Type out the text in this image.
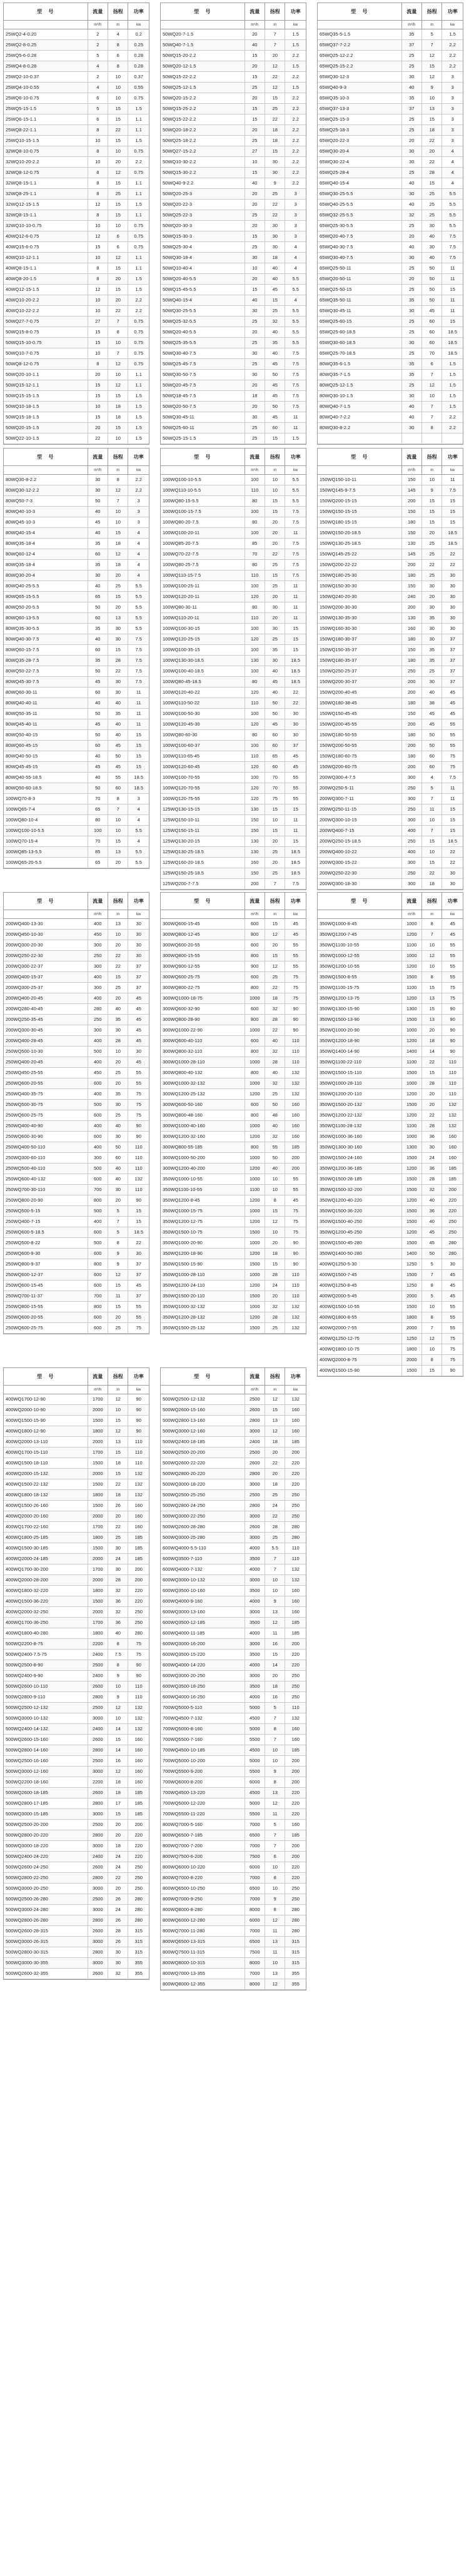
型 号	流量	扬程	功率
m³/h	m	kw
25WQ2-4-0.20	2	4	0.2
25WQ2-8-0.25	2	8	0.25
25WQ5-6-0.28	5	6	0.28
25WQ4-8-0.28	4	8	0.28
25WQ2-10-0.37	2	10	0.37
25WQ4-10-0.55	4	10	0.55
25WQ6-10-0.75	6	10	0.75
25WQ5-15-1.5	5	15	1.5
25WQ6-15-1.1	6	15	1.1
25WQ8-22-1.1	8	22	1.1
25WQ10-15-1.5	10	15	1.5
32WQ8-10-0.75	8	10	0.75
32WQ10-20-2.2	10	20	2.2
32WQ8-12-0.75	8	12	0.75
32WQ8-15-1.1	8	15	1.1
32WQ8-25-1.1	8	25	1.1
32WQ12-15-1.5	12	15	1.5
32WQ8-15-1.1	8	15	1.1
32WQ10-10-0.75	10	10	0.75
40WQ12-6-0.75	12	6	0.75
40WQ15-6-0.75	15	6	0.75
40WQ10-12-1.1	10	12	1.1
40WQ8-15-1.1	8	15	1.1
40WQ8-20-1.5	8	20	1.5
40WQ12-15-1.5	12	15	1.5
40WQ10-20-2.2	10	20	2.2
40WQ10-22-2.2	10	22	2.2
50WQ27-7-0.75	27	7	0.75
50WQ15-8-0.75	15	8	0.75
50WQ15-10-0.75	15	10	0.75
50WQ10-7-0.75	10	7	0.75
50WQ8-12-0.75	8	12	0.75
50WQ20-10-1.1	20	10	1.1
50WQ15-12-1.1	15	12	1.1
50WQ15-15-1.5	15	15	1.5
50WQ10-18-1.5	10	18	1.5
50WQ15-18-1.5	15	18	1.5
50WQ20-15-1.5	20	15	1.5
50WQ22-10-1.5	22	10	1.5
型 号	流量	扬程	功率
m³/h	m	kw
50WQ20-7-1.5	20	7	1.5
50WQ40-7-1.5	40	7	1.5
50WQ15-20-2.2	15	20	2.2
50WQ20-12-1.5	20	12	1.5
50WQ15-22-2.2	15	22	2.2
50WQ25-12-1.5	25	12	1.5
50WQ20-15-2.2	20	15	2.2
50WQ15-25-2.2	15	25	2.2
50WQ15-22-2.2	15	22	2.2
50WQ20-18-2.2	20	18	2.2
50WQ25-18-2.2	25	18	2.2
50WQ27-15-2.2	27	15	2.2
50WQ10-30-2.2	10	30	2.2
50WQ15-30-2.2	15	30	2.2
50WQ40-9-2.2	40	9	2.2
50WQ20-25-3	20	25	3
50WQ20-22-3	20	22	3
50WQ25-22-3	25	22	3
50WQ20-30-3	20	30	3
50WQ15-30-3	15	30	3
50WQ25-30-4	25	30	4
50WQ30-18-4	30	18	4
50WQ10-40-4	10	40	4
50WQ20-40-5.5	20	40	5.5
50WQ15-45-5.5	15	45	5.5
50WQ40-15-4	40	15	4
50WQ30-25-5.5	30	25	5.5
50WQ25-32-5.5	25	32	5.5
50WQ20-40-5.5	20	40	5.5
50WQ25-35-5.5	25	35	5.5
50WQ30-40-7.5	30	40	7.5
50WQ25-45-7.5	25	45	7.5
50WQ30-50-7.5	30	50	7.5
50WQ20-45-7.5	20	45	7.5
50WQ18-45-7.5	18	45	7.5
50WQ20-50-7.5	20	50	7.5
50WQ30-45-11	30	45	11
50WQ25-60-11	25	60	11
50WQ25-15-1.5	25	15	1.5
型 号	流量	扬程	功率
m³/h	m	kw
65WQ35-5-1.5	35	5	1.5
65WQ37-7-2.2	37	7	2.2
65WQ25-12-2.2	25	12	2.2
65WQ25-15-2.2	25	15	2.2
65WQ30-12-3	30	12	3
65WQ40-9-3	40	9	3
65WQ35-10-3	35	10	3
65WQ37-13-3	37	13	3
65WQ25-15-3	25	15	3
65WQ25-18-3	25	18	3
65WQ20-22-3	20	22	3
65WQ30-20-4	30	20	4
65WQ30-22-4	30	22	4
65WQ25-28-4	25	28	4
65WQ40-15-4	40	15	4
65WQ30-25-5.5	30	25	5.5
65WQ40-25-5.5	40	25	5.5
65WQ32-25-5.5	32	25	5.5
65WQ25-30-5.5	25	30	5.5
65WQ20-40-7.5	20	40	7.5
65WQ40-30-7.5	40	30	7.5
65WQ30-40-7.5	30	40	7.5
65WQ25-50-11	25	50	11
65WQ20-50-11	20	50	11
65WQ25-50-15	25	50	15
65WQ35-50-11	35	50	11
65WQ30-45-11	30	45	11
65WQ25-60-15	25	60	15
65WQ25-60-18.5	25	60	18.5
65WQ30-60-18.5	30	60	18.5
65WQ25-70-18.5	25	70	18.5
80WQ35-6-1.5	35	6	1.5
80WQ35-7-1.5	35	7	1.5
80WQ25-12-1.5	25	12	1.5
80WQ30-10-1.5	30	10	1.5
80WQ40-7-1.5	40	7	1.5
80WQ40-7-2.2	40	7	2.2
80WQ30-8-2.2	30	8	2.2
型 号	流量	扬程	功率
m³/h	m	kw
80WQ30-8-2.2	30	8	2.2
80WQ30-12-2.2	30	12	2.2
80WQ50-7-3	50	7	3
80WQ40-10-3	40	10	3
80WQ45-10-3	45	10	3
80WQ40-15-4	40	15	4
80WQ35-18-4	35	18	4
80WQ60-12-4	60	12	4
80WQ35-18-4	35	18	4
80WQ30-20-4	30	20	4
80WQ40-25-5.5	40	25	5.5
80WQ65-15-5.5	65	15	5.5
80WQ50-20-5.5	50	20	5.5
80WQ60-13-5.5	60	13	5.5
80WQ35-30-5.5	35	30	5.5
80WQ40-30-7.5	40	30	7.5
80WQ60-15-7.5	60	15	7.5
80WQ35-28-7.5	35	28	7.5
80WQ50-22-7.5	50	22	7.5
80WQ45-30-7.5	45	30	7.5
80WQ60-30-11	60	30	11
80WQ40-40-11	40	40	11
80WQ50-35-11	50	35	11
80WQ45-40-11	45	40	11
80WQ50-40-15	50	40	15
80WQ60-45-15	60	45	15
80WQ40-50-15	40	50	15
80WQ45-45-15	45	45	15
80WQ40-55-18.5	40	55	18.5
80WQ50-60-18.5	50	60	18.5
100WQ70-8-3	70	8	3
100WQ65-7-4	65	7	4
100WQ80-10-4	80	10	4
100WQ100-10-5.5	100	10	5.5
100WQ70-15-4	70	15	4
100WQ85-13-5.5	85	13	5.5
100WQ65-20-5.5	65	20	5.5
型 号	流量	扬程	功率
m³/h	m	kw
100WQ100-10-5.5	100	10	5.5
100WQ110-10-5.5	110	10	5.5
100WQ80-15-5.5	80	15	5.5
100WQ100-15-7.5	100	15	7.5
100WQ80-20-7.5	80	20	7.5
100WQ100-20-11	100	20	11
100WQ85-20-7.5	85	20	7.5
100WQ70-22-7.5	70	22	7.5
100WQ80-25-7.5	80	25	7.5
100WQ110-15-7.5	110	15	7.5
100WQ100-25-11	100	25	11
100WQ120-20-11	120	20	11
100WQ80-30-11	80	30	11
100WQ110-20-11	110	20	11
100WQ100-30-15	100	30	15
100WQ120-25-15	120	25	15
100WQ100-35-15	100	35	15
100WQ130-30-18.5	130	30	18.5
100WQ100-40-18.5	100	40	18.5
100WQ80-45-18.5	80	45	18.5
100WQ120-40-22	120	40	22
100WQ110-50-22	110	50	22
100WQ100-50-30	100	50	30
100WQ120-45-30	120	45	30
100WQ80-60-30	80	60	30
100WQ100-60-37	100	60	37
100WQ110-65-45	110	65	45
100WQ120-60-45	120	60	45
100WQ100-70-55	100	70	55
100WQ120-70-55	120	70	55
100WQ120-75-55	120	75	55
125WQ130-15-15	130	15	15
125WQ150-10-11	150	10	11
125WQ150-15-11	150	15	11
125WQ130-20-15	130	20	15
125WQ130-25-18.5	130	25	18.5
125WQ160-20-18.5	160	20	18.5
125WQ150-25-18.5	150	25	18.5
125WQ200-7-7.5	200	7	7.5
型 号	流量	扬程	功率
m³/h	m	kw
150WQ150-10-11	150	10	11
150WQ145-9-7.5	145	9	7.5
150WQ200-15-15	200	15	15
150WQ150-15-15	150	15	15
150WQ180-15-15	180	15	15
150WQ150-20-18.5	150	20	18.5
150WQ130-25-18.5	130	25	18.5
150WQ145-25-22	145	25	22
150WQ200-22-22	200	22	22
150WQ180-25-30	180	25	30
150WQ150-30-30	150	30	30
150WQ240-20-30	240	20	30
150WQ200-30-30	200	30	30
150WQ130-35-30	130	35	30
150WQ160-30-30	160	30	30
150WQ180-30-37	180	30	37
150WQ150-35-37	150	35	37
150WQ180-35-37	180	35	37
150WQ250-25-37	250	25	37
150WQ200-30-37	200	30	37
150WQ200-40-45	200	40	45
150WQ180-38-45	180	38	45
150WQ150-45-45	150	45	45
150WQ200-45-55	200	45	55
150WQ180-50-55	180	50	55
150WQ200-50-55	200	50	55
150WQ180-60-75	180	60	75
150WQ200-60-75	200	60	75
200WQ300-4-7.5	300	4	7.5
200WQ250-5-11	250	5	11
200WQ300-7-11	300	7	11
200WQ250-11-15	250	11	15
200WQ300-10-15	300	10	15
200WQ400-7-15	400	7	15
200WQ250-15-18.5	250	15	18.5
200WQ400-10-22	400	10	22
200WQ300-15-22	300	15	22
200WQ250-22-30	250	22	30
200WQ300-18-30	300	18	30
型 号	流量	扬程	功率
m³/h	m	kw
200WQ400-13-30	400	13	30
200WQ450-10-30	450	10	30
200WQ300-20-30	300	20	30
200WQ250-22-30	250	22	30
200WQ300-22-37	300	22	37
200WQ400-15-37	400	15	37
200WQ300-25-37	300	25	37
200WQ400-20-45	400	20	45
200WQ280-40-45	280	40	45
200WQ250-35-45	250	35	45
200WQ300-30-45	300	30	45
200WQ400-28-45	400	28	45
250WQ500-10-30	500	10	30
250WQ400-20-45	400	20	45
250WQ450-25-55	450	25	55
250WQ600-20-55	600	20	55
250WQ400-35-75	400	35	75
250WQ500-30-75	500	30	75
250WQ600-25-75	600	25	75
250WQ400-40-90	400	40	90
250WQ600-30-90	600	30	90
250WQ400-50-110	400	50	110
250WQ300-60-110	300	60	110
250WQ500-40-110	500	40	110
250WQ600-40-132	600	40	132
250WQ700-30-110	700	30	110
250WQ800-20-90	800	20	90
250WQ500-5-15	500	5	15
250WQ400-7-15	400	7	15
250WQ600-5-18.5	600	5	18.5
250WQ500-8-22	500	8	22
250WQ600-9-30	600	9	30
250WQ800-9-37	800	9	37
250WQ600-12-37	600	12	37
250WQ600-15-45	600	15	45
250WQ700-11-37	700	11	37
250WQ800-15-55	800	15	55
250WQ600-20-55	600	20	55
250WQ600-25-75	600	25	75
型 号	流量	扬程	功率
m³/h	m	kw
300WQ600-15-45	600	15	45
300WQ800-12-45	800	12	45
300WQ600-20-55	600	20	55
300WQ800-15-55	800	15	55
300WQ900-12-55	900	12	55
300WQ600-25-75	600	25	75
300WQ800-22-75	800	22	75
300WQ1000-18-75	1000	18	75
300WQ600-32-90	600	32	90
300WQ800-28-90	800	28	90
300WQ1000-22-90	1000	22	90
300WQ600-40-110	600	40	110
300WQ800-32-110	800	32	110
300WQ1000-28-110	1000	28	110
300WQ800-40-132	800	40	132
300WQ1000-32-132	1000	32	132
300WQ1200-25-132	1200	25	132
300WQ600-50-160	600	50	160
300WQ800-48-160	800	48	160
300WQ1000-40-160	1000	40	160
300WQ1200-32-160	1200	32	160
300WQ800-55-185	800	55	185
300WQ1000-50-200	1000	50	200
300WQ1200-40-200	1200	40	200
350WQ1000-10-55	1000	10	55
350WQ1100-10-55	1100	10	55
350WQ1200-8-45	1200	8	45
350WQ1000-15-75	1000	15	75
350WQ1200-12-75	1200	12	75
350WQ1500-10-75	1500	10	75
350WQ1000-20-90	1000	20	90
350WQ1200-18-90	1200	18	90
350WQ1500-15-90	1500	15	90
350WQ1000-28-110	1000	28	110
350WQ1200-24-110	1200	24	110
350WQ1500-20-110	1500	20	110
350WQ1000-32-132	1000	32	132
350WQ1200-28-132	1200	28	132
350WQ1500-25-132	1500	25	132
型 号	流量	扬程	功率
m³/h	m	kw
350WQ1000-8-45	1000	8	45
350WQ1200-7-45	1200	7	45
350WQ1100-10-55	1100	10	55
350WQ1000-12-55	1000	12	55
350WQ1200-10-55	1200	10	55
350WQ1500-8-55	1500	8	55
350WQ1100-15-75	1100	15	75
350WQ1200-13-75	1200	13	75
350WQ1300-15-90	1300	15	90
350WQ1500-13-90	1500	13	90
350WQ1000-20-90	1000	20	90
350WQ1200-18-90	1200	18	90
350WQ1400-14-90	1400	14	90
350WQ1100-22-110	1100	22	110
350WQ1500-15-110	1500	15	110
350WQ1000-28-110	1000	28	110
350WQ1200-20-110	1200	20	110
350WQ1500-20-132	1500	20	132
350WQ1200-22-132	1200	22	132
350WQ1100-28-132	1100	28	132
350WQ1000-36-160	1000	36	160
350WQ1300-30-160	1300	30	160
350WQ1500-24-160	1500	24	160
350WQ1200-36-185	1200	36	185
350WQ1500-28-185	1500	28	185
350WQ1500-32-200	1500	32	200
350WQ1200-40-220	1200	40	220
350WQ1500-36-220	1500	36	220
350WQ1500-40-250	1500	40	250
350WQ1200-45-250	1200	45	250
350WQ1500-45-280	1500	45	280
350WQ1400-50-280	1400	50	280
400WQ1250-5-30	1250	5	30
400WQ1500-7-45	1500	7	45
400WQ1250-8-45	1250	8	45
400WQ2000-5-45	2000	5	45
400WQ1500-10-55	1500	10	55
400WQ1800-8-55	1800	8	55
400WQ2000-7-55	2000	7	55
400WQ1250-12-75	1250	12	75
400WQ1800-10-75	1800	10	75
400WQ2000-8-75	2000	8	75
400WQ1500-15-90	1500	15	90
型 号	流量	扬程	功率
m³/h	m	kw
400WQ1700-12-90	1700	12	90
400WQ2000-10-90	2000	10	90
400WQ1500-15-90	1500	15	90
400WQ1800-12-90	1800	12	90
400WQ2000-13-110	2000	13	110
400WQ1700-15-110	1700	15	110
400WQ1500-18-110	1500	18	110
400WQ2000-15-132	2000	15	132
400WQ1500-22-132	1500	22	132
400WQ1800-18-132	1800	18	132
400WQ1500-26-160	1500	26	160
400WQ2000-20-160	2000	20	160
400WQ1700-22-160	1700	22	160
400WQ1800-25-185	1800	25	185
400WQ1500-30-185	1500	30	185
400WQ2000-24-185	2000	24	185
400WQ1700-30-200	1700	30	200
400WQ2000-28-200	2000	28	200
400WQ1800-32-220	1800	32	220
400WQ1500-36-220	1500	36	220
400WQ2000-32-250	2000	32	250
400WQ1700-36-250	1700	36	250
400WQ1800-40-280	1800	40	280
500WQ2200-8-75	2200	8	75
500WQ2400-7.5-75	2400	7.5	75
500WQ2500-8-90	2500	8	90
500WQ2400-9-90	2400	9	90
500WQ2600-10-110	2600	10	110
500WQ2800-9-110	2800	9	110
500WQ2500-12-132	2500	12	132
500WQ3000-10-132	3000	10	132
500WQ2400-14-132	2400	14	132
500WQ2600-15-160	2600	15	160
500WQ2800-14-160	2800	14	160
500WQ2500-16-160	2500	16	160
500WQ3000-12-160	3000	12	160
500WQ2200-18-160	2200	18	160
500WQ2600-18-185	2600	18	185
500WQ2800-17-185	2800	17	185
500WQ3000-15-185	3000	15	185
500WQ2500-20-200	2500	20	200
500WQ2800-20-220	2800	20	220
500WQ3000-18-220	3000	18	220
500WQ2400-24-220	2400	24	220
500WQ2600-24-250	2600	24	250
500WQ2800-22-250	2800	22	250
500WQ3000-20-250	3000	20	250
500WQ2500-26-280	2500	26	280
500WQ3000-24-280	3000	24	280
500WQ2800-26-280	2800	26	280
500WQ2600-28-315	2600	28	315
500WQ3000-26-315	3000	26	315
500WQ2800-30-315	2800	30	315
500WQ3000-30-355	3000	30	355
500WQ2600-32-355	2600	32	355
型 号	流量	扬程	功率
m³/h	m	kw
500WQ2500-12-132	2500	12	132
500WQ2600-15-160	2600	15	160
500WQ2800-13-160	2800	13	160
500WQ3000-12-160	3000	12	160
500WQ2400-18-185	2400	18	185
500WQ2500-20-200	2500	20	200
500WQ2600-22-220	2600	22	220
500WQ2800-20-220	2800	20	220
500WQ3000-18-220	3000	18	220
500WQ2500-25-250	2500	25	250
500WQ2800-24-250	2800	24	250
500WQ3000-22-250	3000	22	250
500WQ2600-28-280	2600	28	280
500WQ3000-25-280	3000	25	280
600WQ4000-5.5-110	4000	5.5	110
600WQ3500-7-110	3500	7	110
600WQ4000-7-132	4000	7	132
600WQ3000-10-132	3000	10	132
600WQ3500-10-160	3500	10	160
600WQ4000-9-160	4000	9	160
600WQ3000-13-160	3000	13	160
600WQ3500-12-185	3500	12	185
600WQ4000-11-185	4000	11	185
600WQ3000-16-200	3000	16	200
600WQ3500-15-220	3500	15	220
600WQ4000-14-220	4000	14	220
600WQ3000-20-250	3000	20	250
600WQ3500-18-250	3500	18	250
600WQ4000-16-250	4000	16	250
700WQ5000-5-110	5000	5	110
700WQ4500-7-132	4500	7	132
700WQ5000-8-160	5000	8	160
700WQ5500-7-160	5500	7	160
700WQ4500-10-185	4500	10	185
700WQ5000-10-200	5000	10	200
700WQ5500-9-200	5500	9	200
700WQ6000-8-200	6000	8	200
700WQ4500-13-220	4500	13	220
700WQ5000-12-220	5000	12	220
700WQ5500-11-220	5500	11	220
800WQ7000-5-160	7000	5	160
800WQ6500-7-185	6500	7	185
800WQ7000-7-200	7000	7	200
800WQ7500-6-200	7500	6	200
800WQ6000-10-220	6000	10	220
800WQ7000-8-220	7000	8	220
800WQ6500-10-250	6500	10	250
800WQ7000-9-250	7000	9	250
800WQ8000-8-280	8000	8	280
800WQ6000-12-280	6000	12	280
800WQ7000-11-280	7000	11	280
800WQ6500-13-315	6500	13	315
800WQ7500-11-315	7500	11	315
800WQ8000-10-315	8000	10	315
800WQ7000-13-355	7000	13	355
800WQ8000-12-355	8000	12	355
